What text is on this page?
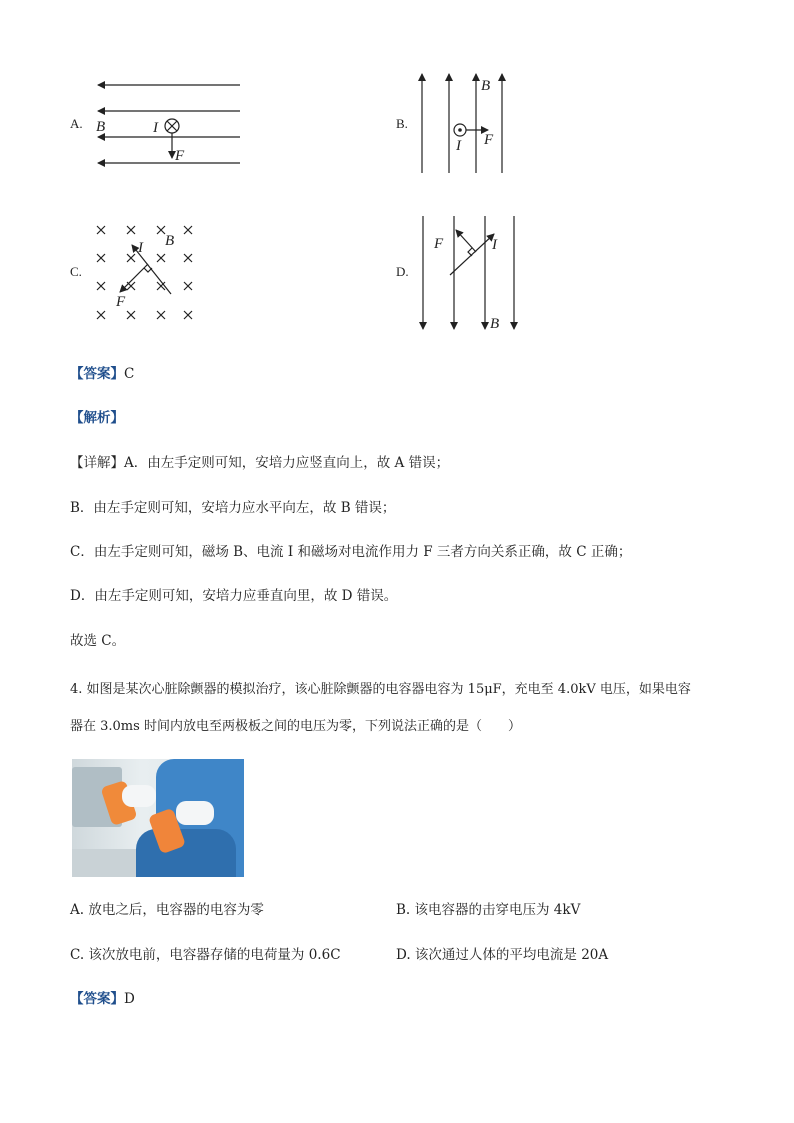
A. B	I
F
B.
B
I F
C.
I B
F
D.
F	I
B
【答案】C
【解析】
【详解】A．由左手定则可知，安培力应竖直向上，故 A 错误；
B．由左手定则可知，安培力应水平向左，故 B 错误；
C．由左手定则可知，磁场 B、电流 I 和磁场对电流作用力 F 三者方向关系正确，故 C 正确；
D．由左手定则可知，安培力应垂直向里，故 D 错误。
故选 C。
4. 如图是某次心脏除颤器的模拟治疗，该心脏除颤器的电容器电容为 15μF，充电至 4.0kV 电压，如果电容
器在 3.0ms 时间内放电至两极板之间的电压为零，下列说法正确的是（　　）
A. 放电之后，电容器的电容为零	B. 该电容器的击穿电压为 4kV
C. 该次放电前，电容器存储的电荷量为 0.6C	D. 该次通过人体的平均电流是 20A
【答案】D
